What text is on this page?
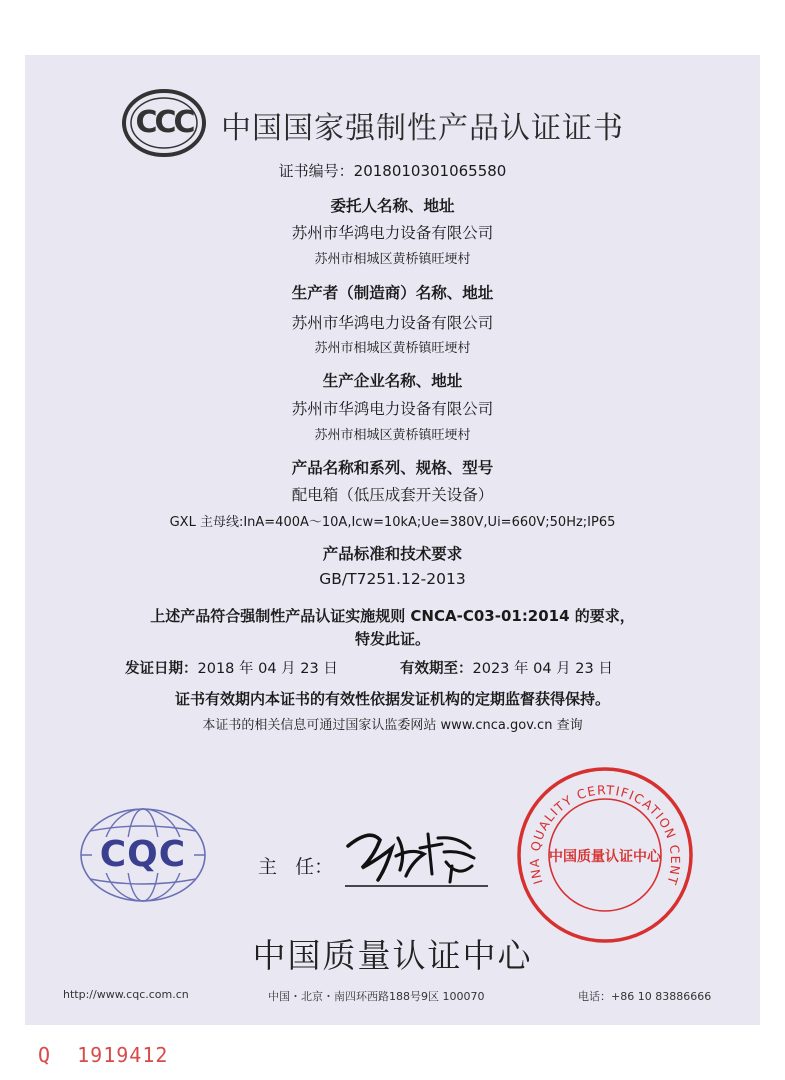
CCC 中国国家强制性产品认证证书
证书编号：2018010301065580
委托人名称、地址
苏州市华鸿电力设备有限公司
苏州市相城区黄桥镇旺埂村
生产者（制造商）名称、地址
苏州市华鸿电力设备有限公司
苏州市相城区黄桥镇旺埂村
生产企业名称、地址
苏州市华鸿电力设备有限公司
苏州市相城区黄桥镇旺埂村
产品名称和系列、规格、型号
配电箱（低压成套开关设备）
GXL 主母线:InA=400A～10A,Icw=10kA;Ue=380V,Ui=660V;50Hz;IP65
产品标准和技术要求
GB/T7251.12-2013
上述产品符合强制性产品认证实施规则 CNCA-C03-01:2014 的要求，
特发此证。
发证日期：2018 年 04 月 23 日	有效期至：2023 年 04 月 23 日
证书有效期内本证书的有效性依据发证机构的定期监督获得保持。
本证书的相关信息可通过国家认监委网站 www.cnca.gov.cn 查询
CQC	主   任：
INA QUALITY CERTIFICATION CENT
中国质量认证中心
中国质量认证中心
http://www.cqc.com.cn	中国・北京・南四环西路188号9区 100070	电话：+86 10 83886666
Q  1919412
